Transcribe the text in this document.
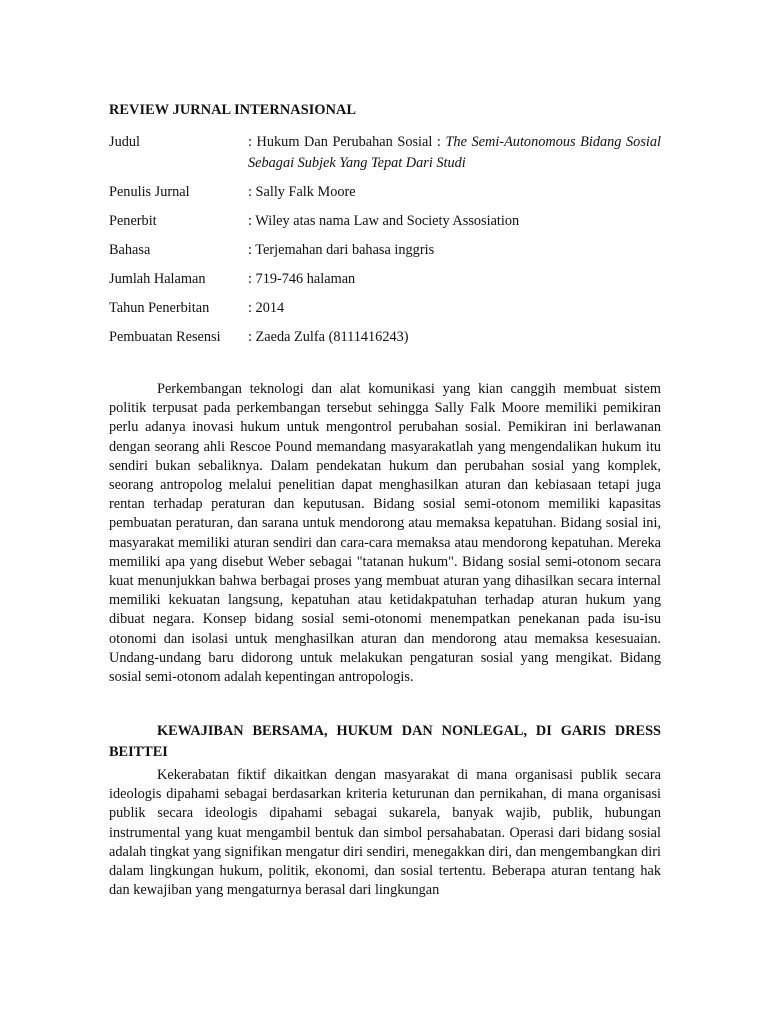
REVIEW JURNAL INTERNASIONAL
Judul	: Hukum Dan Perubahan Sosial : The Semi-Autonomous Bidang Sosial Sebagai Subjek Yang Tepat Dari Studi
Penulis Jurnal	: Sally Falk Moore
Penerbit	: Wiley atas nama Law and Society Assosiation
Bahasa	: Terjemahan dari bahasa inggris
Jumlah Halaman	: 719-746 halaman
Tahun Penerbitan	: 2014
Pembuatan Resensi	: Zaeda Zulfa (8111416243)

Perkembangan teknologi dan alat komunikasi yang kian canggih membuat sistem politik terpusat pada perkembangan tersebut sehingga Sally Falk Moore memiliki pemikiran perlu adanya inovasi hukum untuk mengontrol perubahan sosial. Pemikiran ini berlawanan dengan seorang ahli Rescoe Pound memandang masyarakatlah yang mengendalikan hukum itu sendiri bukan sebaliknya. Dalam pendekatan hukum dan perubahan sosial yang komplek, seorang antropolog melalui penelitian dapat menghasilkan aturan dan kebiasaan tetapi juga rentan terhadap peraturan dan keputusan. Bidang sosial semi-otonom memiliki kapasitas pembuatan peraturan, dan sarana untuk mendorong atau memaksa kepatuhan. Bidang sosial ini, masyarakat memiliki aturan sendiri dan cara-cara memaksa atau mendorong kepatuhan. Mereka memiliki apa yang disebut Weber sebagai "tatanan hukum". Bidang sosial semi-otonom secara kuat menunjukkan bahwa berbagai proses yang membuat aturan yang dihasilkan secara internal memiliki kekuatan langsung, kepatuhan atau ketidakpatuhan terhadap aturan hukum yang dibuat negara. Konsep bidang sosial semi-otonomi menempatkan penekanan pada isu-isu otonomi dan isolasi untuk menghasilkan aturan dan mendorong atau memaksa kesesuaian. Undang-undang baru didorong untuk melakukan pengaturan sosial yang mengikat. Bidang sosial semi-otonom adalah kepentingan antropologis.

KEWAJIBAN BERSAMA, HUKUM DAN NONLEGAL, DI GARIS DRESS BEITTEI

Kekerabatan fiktif dikaitkan dengan masyarakat di mana organisasi publik secara ideologis dipahami sebagai berdasarkan kriteria keturunan dan pernikahan, di mana organisasi publik secara ideologis dipahami sebagai sukarela, banyak wajib, publik, hubungan instrumental yang kuat mengambil bentuk dan simbol persahabatan. Operasi dari bidang sosial adalah tingkat yang signifikan mengatur diri sendiri, menegakkan diri, dan mengembangkan diri dalam lingkungan hukum, politik, ekonomi, dan sosial tertentu. Beberapa aturan tentang hak dan kewajiban yang mengaturnya berasal dari lingkungan
